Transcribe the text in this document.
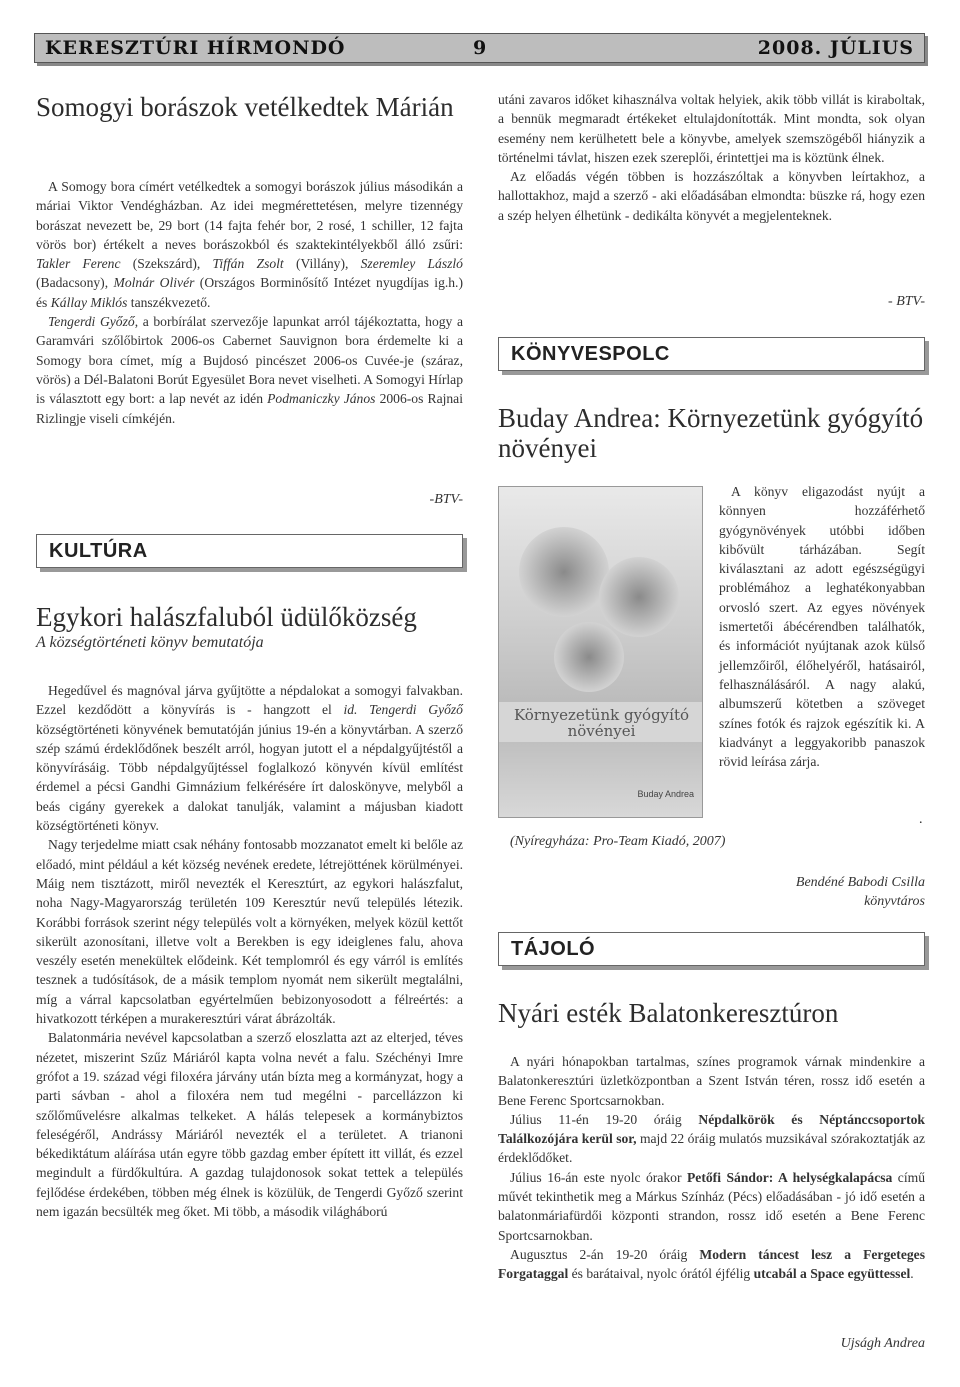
KERESZTÚRI HÍRMONDÓ	9	2008. JÚLIUS
Somogyi borászok vetélkedtek Márián

A Somogy bora címért vetélkedtek a somogyi borászok július másodikán a máriai Viktor Vendégházban. Az idei megmérettetésen, melyre tizennégy borászat nevezett be, 29 bort (14 fajta fehér bor, 2 rosé, 1 schiller, 12 fajta vörös bor) értékelt a neves borászokból és szaktekintélyekből álló zsűri: Takler Ferenc (Szekszárd), Tiffán Zsolt (Villány), Szeremley László (Badacsony), Molnár Olivér (Országos Borminősítő Intézet nyugdíjas ig.h.) és Kállay Miklós tanszékvezető.

Tengerdi Győző, a borbírálat szervezője lapunkat arról tájékoztatta, hogy a Garamvári szőlőbirtok 2006-os Cabernet Sauvignon bora érdemelte ki a Somogy bora címet, míg a Bujdosó pincészet 2006-os Cuvée-je (száraz, vörös) a Dél-Balatoni Borút Egyesület Bora nevet viselheti. A Somogyi Hírlap is választott egy bort: a lap nevét az idén Podmaniczky János 2006-os Rajnai Rizlingje viseli címkéjén.

-BTV-
KULTÚRA
Egykori halászfaluból üdülőközség
A községtörténeti könyv bemutatója

Hegedűvel és magnóval járva gyűjtötte a népdalokat a somogyi falvakban. Ezzel kezdődött a könyvírás is - hangzott el id. Tengerdi Győző községtörténeti könyvének bemutatóján június 19-én a könyvtárban. A szerző szép számú érdeklődőnek beszélt arról, hogyan jutott el a népdalgyűjtéstől a könyvírásáig. Több népdalgyűjtéssel foglalkozó könyvén kívül említést érdemel a pécsi Gandhi Gimnázium felkérésére írt daloskönyve, melyből a beás cigány gyerekek a dalokat tanulják, valamint a májusban kiadott községtörténeti könyv.

Nagy terjedelme miatt csak néhány fontosabb mozzanatot emelt ki belőle az előadó, mint például a két község nevének eredete, létrejöttének körülményei. Máig nem tisztázott, miről nevezték el Keresztúrt, az egykori halászfalut, noha Nagy-Magyarország területén 109 Keresztúr nevű település létezik. Korábbi források szerint négy település volt a környéken, melyek közül kettőt sikerült azonosítani, illetve volt a Berekben is egy ideiglenes falu, ahova veszély esetén menekültek elődeink. Két templomról és egy várról is említés tesznek a tudósítások, de a másik templom nyomát nem sikerült megtalálni, míg a várral kapcsolatban egyértelműen bebizonyosodott a félreértés: a hivatkozott térképen a murakeresztúri várat ábrázolták.

Balatonmária nevével kapcsolatban a szerző eloszlatta azt az elterjed, téves nézetet, miszerint Szűz Máriáról kapta volna nevét a falu. Széchényi Imre grófot a 19. század végi filoxéra járvány után bízta meg a kormányzat, hogy a parti sávban - ahol a filoxéra nem tud megélni - parcellázzon ki szőlőművelésre alkalmas telkeket. A hálás telepesek a kormánybiztos feleségéről, Andrássy Máriáról nevezték el a területet. A trianoni békediktátum aláírása után egyre több gazdag ember épített itt villát, és ezzel megindult a fürdőkultúra. A gazdag tulajdonosok sokat tettek a település fejlődése érdekében, többen még élnek is közülük, de Tengerdi Győző szerint nem igazán becsülték meg őket. Mi több, a második világháború

utáni zavaros időket kihasználva voltak helyiek, akik több villát is kiraboltak, a bennük megmaradt értékeket eltulajdonították. Mint mondta, sok olyan esemény nem kerülhetett bele a könyvbe, amelyek szemszögéből hiányzik a történelmi távlat, hiszen ezek szereplői, érintettjei ma is köztünk élnek.

Az előadás végén többen is hozzászóltak a könyvben leírtakhoz, a hallottakhoz, majd a szerző - aki előadásában elmondta: büszke rá, hogy ezen a szép helyen élhetünk - dedikálta könyvét a megjelenteknek.

- BTV-
KÖNYVESPOLC
Buday Andrea: Környezetünk gyógyító növényei
Környezetünk gyógyító növényei
Buday Andrea

A könyv eligazodást nyújt a könnyen hozzáférhető gyógynövények utóbbi időben kibővült tárházában. Segít kiválasztani az adott egészségügyi problémához a leghatékonyabban orvosló szert. Az egyes növények ismertetői ábécérendben találhatók, és információt nyújtanak azok külső jellemzőiről, élőhelyéről, hatásairól, felhasználásáról. A nagy alakú, albumszerű kötetben a szöveget színes fotók és rajzok egészítik ki. A kiadványt a leggyakoribb panaszok rövid leírása zárja.

.
(Nyíregyháza: Pro-Team Kiadó, 2007)
Bendéné Babodi Csilla
könyvtáros
TÁJOLÓ
Nyári esték Balatonkeresztúron

A nyári hónapokban tartalmas, színes programok várnak mindenkire a Balatonkeresztúri üzletközpontban a Szent István téren, rossz idő esetén a Bene Ferenc Sportcsarnokban.

Július 11-én 19-20 óráig Népdalkörök és Néptánccsoportok Találkozójára kerül sor, majd 22 óráig mulatós muzsikával szórakoztatják az érdeklődőket.

Július 16-án este nyolc órakor Petőfi Sándor: A helységkalapácsa című művét tekinthetik meg a Márkus Színház (Pécs) előadásában - jó idő esetén a balatonmáriafürdői központi strandon, rossz idő esetén a Bene Ferenc Sportcsarnokban.

Augusztus 2-án 19-20 óráig Modern táncest lesz a Fergeteges Forgataggal és barátaival, nyolc órától éjfélig utcabál a Space együttessel.

Ujságh Andrea
